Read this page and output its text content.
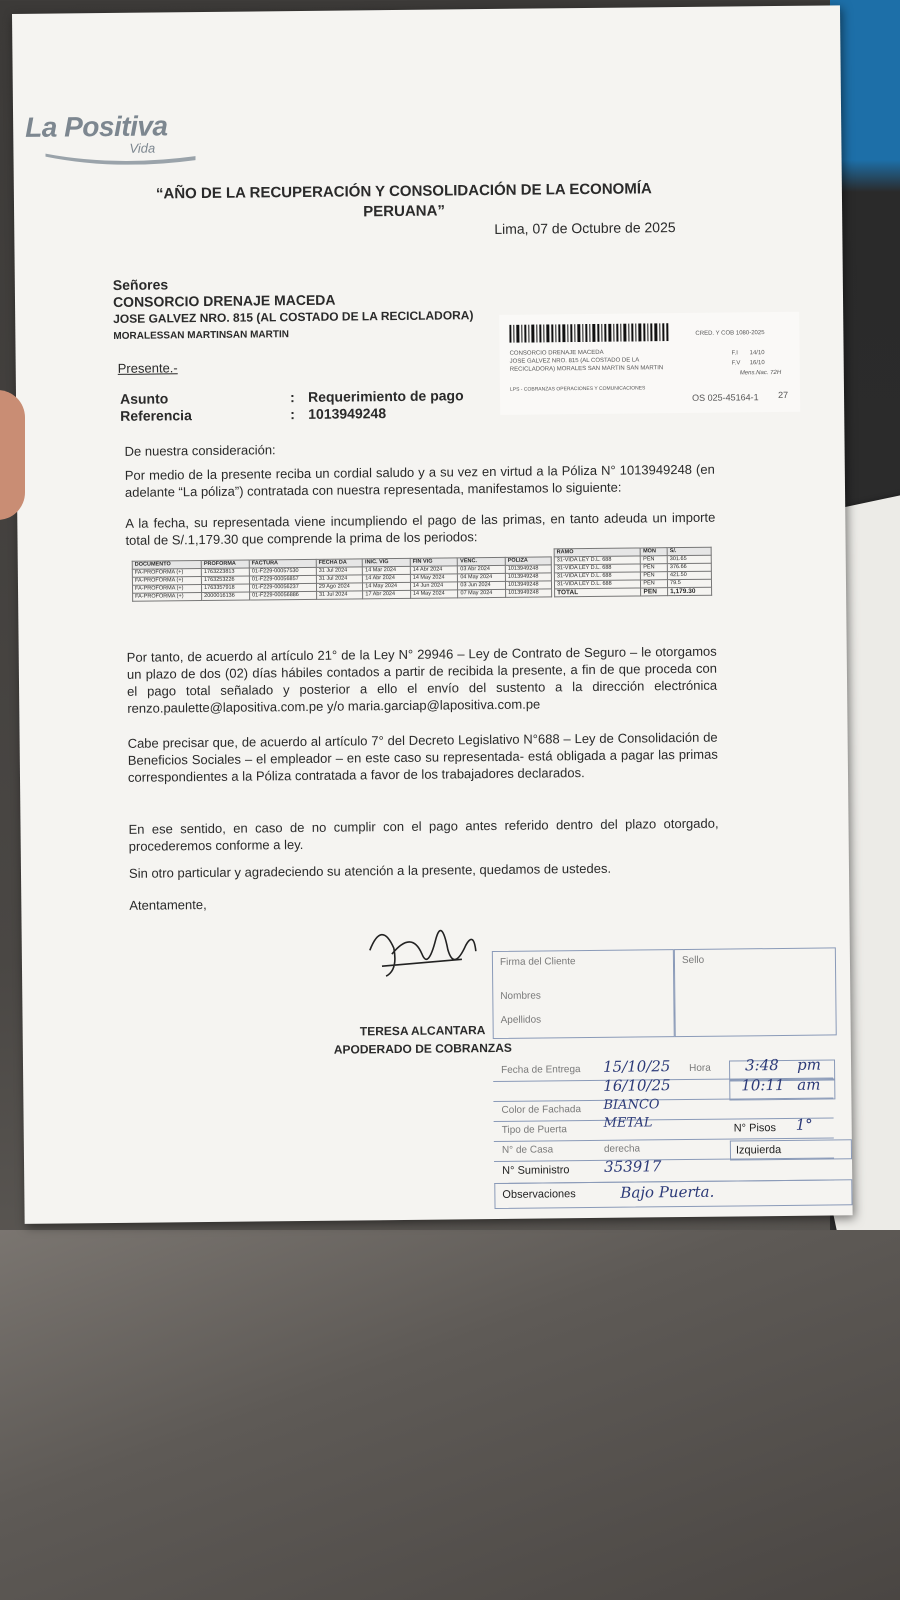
La Positiva
Vida
“AÑO DE LA RECUPERACIÓN Y CONSOLIDACIÓN DE LA ECONOMÍA
PERUANA”
Lima, 07 de Octubre de 2025
Señores
CONSORCIO DRENAJE MACEDA
JOSE GALVEZ NRO. 815 (AL COSTADO DE LA RECICLADORA)
MORALESSAN MARTINSAN MARTIN	CRED. Y COB 1080-2025
CONSORCIO DRENAJE MACEDA
JOSE GALVEZ NRO. 815 (AL COSTADO DE LA
RECICLADORA) MORALES SAN MARTIN SAN MARTIN
LPS - COBRANZAS OPERACIONES Y COMUNICACIONES
F.I 14/10
F.V 16/10
Mens.Nac. 72H
OS 025-45164-1 27
Presente.-
Asunto	: Requerimiento de pago
Referencia	: 1013949248
De nuestra consideración:
Por medio de la presente reciba un cordial saludo y a su vez en virtud a la Póliza N° 1013949248 (en adelante “La póliza”) contratada con nuestra representada, manifestamos lo siguiente:
A la fecha, su representada viene incumpliendo el pago de las primas, en tanto adeuda un importe total de S/.1,179.30 que comprende la prima de los periodos:
DOCUMENTO	PROFORMA	FACTURA	FECHA DA	INIC. VIG	FIN VIG	VENC.	POLIZA
FA-PROFORMA (+)	1763223813	01-F229-00057530	31 Jul 2024	14 Mar 2024	14 Abr 2024	03 Abr 2024	1013949248
FA-PROFORMA (+)	1763253226	01-F229-00056857	31 Jul 2024	14 Abr 2024	14 May 2024	04 May 2024	1013949248
FA-PROFORMA (+)	1763357918	01-F229-00056237	29 Ago 2024	14 May 2024	14 Jun 2024	03 Jun 2024	1013949248
FA-PROFORMA (+)	2000016136	01-F229-00056886	31 Jul 2024	17 Abr 2024	14 May 2024	07 May 2024	1013949248
RAMO	MON	S/.
31-VIDA LEY D.L. 688	PEN	301.65
31-VIDA LEY D.L. 688	PEN	376.66
31-VIDA LEY D.L. 688	PEN	421.50
31-VIDA LEY D.L. 688	PEN	79.5
TOTAL	PEN	1,179.30
Por tanto, de acuerdo al artículo 21° de la Ley N° 29946 – Ley de Contrato de Seguro – le otorgamos un plazo de dos (02) días hábiles contados a partir de recibida la presente, a fin de que proceda con el pago total señalado y posterior a ello el envío del sustento a la dirección electrónica renzo.paulette@lapositiva.com.pe y/o maria.garciap@lapositiva.com.pe
Cabe precisar que, de acuerdo al artículo 7° del Decreto Legislativo N°688 – Ley de Consolidación de Beneficios Sociales – el empleador – en este caso su representada- está obligada a pagar las primas correspondientes a la Póliza contratada a favor de los trabajadores declarados.
En ese sentido, en caso de no cumplir con el pago antes referido dentro del plazo otorgado, procederemos conforme a ley.
Sin otro particular y agradeciendo su atención a la presente, quedamos de ustedes.
Atentamente,
TERESA ALCANTARA
APODERADO DE COBRANZAS
Firma del Cliente	Sello
Nombres
Apellidos
Fecha de Entrega 15/10/25 Hora 3:48 pm
16/10/25	10:11 am
Color de Fachada BIANCO
Tipo de Puerta	METAL	N° Pisos 1°
N° de Casa	derecha	Izquierda
N° Suministro 353917
Observaciones	Bajo Puerta.
